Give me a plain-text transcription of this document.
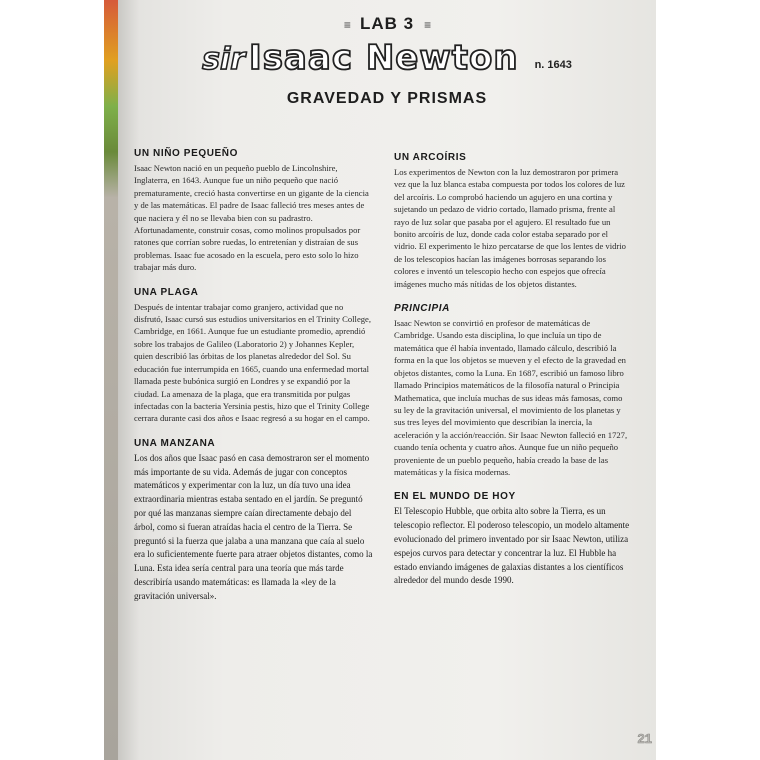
≡ LAB 3 ≡
sir Isaac Newton n. 1643
GRAVEDAD Y PRISMAS
UN NIÑO PEQUEÑO

Isaac Newton nació en un pequeño pueblo de Lincolnshire, Inglaterra, en 1643. Aunque fue un niño pequeño que nació prematuramente, creció hasta convertirse en un gigante de la ciencia y de las matemáticas. El padre de Isaac falleció tres meses antes de que naciera y él no se llevaba bien con su padrastro. Afortunadamente, construir cosas, como molinos propulsados por ratones que corrían sobre ruedas, lo entretenían y distraían de sus problemas. Isaac fue acosado en la escuela, pero esto solo lo hizo trabajar más duro.

UNA PLAGA

Después de intentar trabajar como granjero, actividad que no disfrutó, Isaac cursó sus estudios universitarios en el Trinity College, Cambridge, en 1661. Aunque fue un estudiante promedio, aprendió sobre los trabajos de Galileo (Laboratorio 2) y Johannes Kepler, quien describió las órbitas de los planetas alrededor del Sol. Su educación fue interrumpida en 1665, cuando una enfermedad mortal llamada peste bubónica surgió en Londres y se expandió por la ciudad. La amenaza de la plaga, que era transmitida por pulgas infectadas con la bacteria Yersinia pestis, hizo que el Trinity College cerrara durante casi dos años e Isaac regresó a su hogar en el campo.

UNA MANZANA

Los dos años que Isaac pasó en casa demostraron ser el momento más importante de su vida. Además de jugar con conceptos matemáticos y experimentar con la luz, un día tuvo una idea extraordinaria mientras estaba sentado en el jardín. Se preguntó por qué las manzanas siempre caían directamente debajo del árbol, como si fueran atraídas hacia el centro de la Tierra. Se preguntó si la fuerza que jalaba a una manzana que caía al suelo era lo suficientemente fuerte para atraer objetos distantes, como la Luna. Esta idea sería central para una teoría que más tarde describiría usando matemáticas: es llamada la «ley de la gravitación universal».

UN ARCOÍRIS

Los experimentos de Newton con la luz demostraron por primera vez que la luz blanca estaba compuesta por todos los colores de luz del arcoíris. Lo comprobó haciendo un agujero en una cortina y sujetando un pedazo de vidrio cortado, llamado prisma, frente al rayo de luz solar que pasaba por el agujero. El resultado fue un bonito arcoíris de luz, donde cada color estaba separado por el vidrio. El experimento le hizo percatarse de que los lentes de vidrio de los telescopios hacían las imágenes borrosas separando los colores e inventó un telescopio hecho con espejos que ofrecía imágenes mucho más nítidas de los objetos distantes.

PRINCIPIA

Isaac Newton se convirtió en profesor de matemáticas de Cambridge. Usando esta disciplina, lo que incluía un tipo de matemática que él había inventado, llamado cálculo, describió la forma en la que los objetos se mueven y el efecto de la gravedad en objetos distantes, como la Luna. En 1687, escribió un famoso libro llamado Principios matemáticos de la filosofía natural o Principia Mathematica, que incluía muchas de sus ideas más famosas, como su ley de la gravitación universal, el movimiento de los planetas y sus tres leyes del movimiento que describían la inercia, la aceleración y la acción/reacción. Sir Isaac Newton falleció en 1727, cuando tenía ochenta y cuatro años. Aunque fue un niño pequeño proveniente de un pueblo pequeño, había creado la base de las matemáticas y la física modernas.

EN EL MUNDO DE HOY

El Telescopio Hubble, que orbita alto sobre la Tierra, es un telescopio reflector. El poderoso telescopio, un modelo altamente evolucionado del primero inventado por sir Isaac Newton, utiliza espejos curvos para detectar y concentrar la luz. El Hubble ha estado enviando imágenes de galaxias distantes a los científicos alrededor del mundo desde 1990.

21
